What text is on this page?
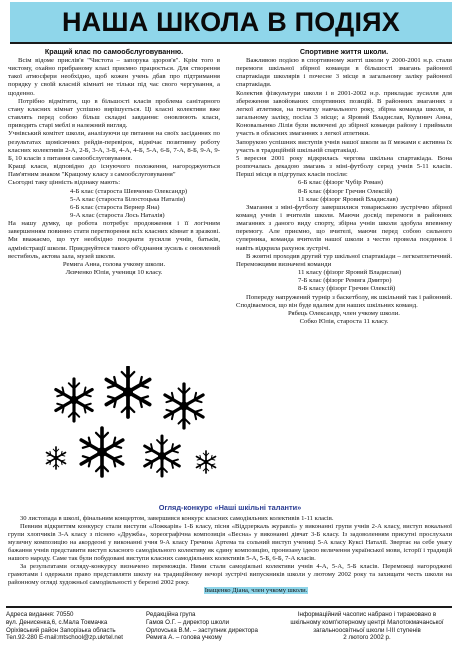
НАША ШКОЛА В ПОДІЯХ

Кращий клас по самообслуговуванню.

Всім відоме прислів'я "Чистота – запорука здоров'я". Крім того в чистому, охайно прибраному класі приємно працюється. Для створення такої атмосфери необхідно, щоб кожен учень дбав про підтримання порядку у своїй класній кімнаті не тільки під час свого чергування, а щоденно.

Потрібно відмітити, що в більшості класів проблема санітарного стану класних кімнат успішно вирішується. Ці класні колективи вже ставлять перед собою більш складні завдання: оновлюють класи, приводять старі меблі в належний вигляд.

Учнівський комітет школи, аналізуючи це питання на своїх засіданнях по результатах щомісячних рейдів-перевірок, відмічає позитивну роботу класних колективів 2-А, 2-Б, 3-А, 3-Б, 4-А, 4-Б, 5-А, 6-Б, 7-А, 8-Б, 9-А, 9-Б, 10 класів з питання самообслуговування.

Кращі класи, відповідно до існуючого положення, нагороджуються Пам'ятним знаком "Кращому класу з самообслуговування"

Сьогодні таку цінність відзнаку мають:

4-Б клас (староста Шевченко Олександр)

5-А клас (староста Білостоцька Наталія)

6-Б клас (староста Вернер Яна)

9-А клас (староста Лось Наталія)

На нашу думку, це робота потребує продовження і її логічним завершенням повинно стати перетворення всіх класних кімнат в зразкові. Ми вважаємо, що тут необхідно поєднати зусилля учнів, батьків, адміністрації школи. Приєднуйтеся такого об'єднання зусиль є оновлений вестибюль, актова зала, музей школи.

Ремига Анна, голова учкому школи.

Лєвченко Юлія, учениця 10 класу.

Спортивне життя школи.

Важливою подією в спортивному житті школи у 2000-2001 н.р. стали перемоги шкільної збірної команди в більшості змагань районної спартакіади школярів і почесне 3 місце в загальному заліку районної спартакіади.

Колектив фізкультури школи і в 2001-2002 н.р. прикладає зусилля для збереження завойованих спортивних позицій. В районних змаганнях з легкої атлетики, на початку навчального року, збірна команда школи, в загальному заліку, посіла 3 місце; а Яровий Владислав, Кулинич Анна, Коновальенко Лілія були включені до збірної команди району і приймали участь в обласних змаганнях з легкої атлетики.

Запорукою успішних виступів учнів нашої школи за її межами є активна їх участь в традиційній шкільній спартакіаді.

5 вересня 2001 року відкрилась чергова шкільна спартакіада. Вона розпочалась декадою змагань з міні-футболу серед учнів 5-11 класів. Першi місця в підгрупах класів посіли:

6-Б клас (фізорг Чубір Роман)

8-Б клас (фізорг Гречин Олексій)

11 клас (фізорг Яровий Владислав)

Змагання з міні-футболу завершилися товариською зустріччю збірної команд учнів і вчителів школи. Маючи досвід перемоги в районних змаганнях з даного виду спорту, збірна учнів школи здобула впевнену перемогу. Але приємно, що вчителі, маючи перед собою сильного суперника, команда вчителів нашої школи з честю провела поєдинок і навіть відкрила рахунок зустрічі.

В жовтні проходив другий тур шкільної спартакіади – легкоатлетичний. Переможцями визначені команди

11 класу (фізорг Яровий Владислав)

7-Б клас (фізорг Ремига Дмитро)

8-Б класу (фізорг Гречин Олексій)

Попереду напружений турнір з баскетболу, як шкільний так і районний. Сподіваємося, що він буде вдалим для наших шкільних команд.

Рябець Олександр, член учкому школи.

Собко Юлія, староста 11 класу.

Огляд-конкурс «Наші шкільні таланти»

30 листопада в школі, фінальним концертом, завершився конкурс класних самодіяльних колективів 1-11 класів.

Певним відкриттям конкурсу стали виступи «Ложкарів» 1-Б класу, пісня «Віддзеркаль журавлі» у виконанні групи учнів 2-А класу, виступ вокальної групи хлопчиків 3-А класу з піснею «Дружба», хореографічна композиція «Весна» у виконанні дівчат 3-Б класу. Із задоволенням присутні прослухали музичну композицію на акордеоні у виконанні учня 9-А класу Гречина Артема та сольний виступ учениці 5-А класу Куксі Наталії. Звертає на себе увагу бажання учнів представити виступ класного самодіяльного колективу як єдину композицію, пронизану ідеєю величення української мови, історії і традицій нашого народу. Саме так були побудовані виступи класних самодіяльних колективів 5-А, 5-Б, 6-Б, 7-А класів.

За результатами огляду-конкурсу визначено переможців. Ними стали самодіяльні колективи учнів 4-А, 5-А, 5-Б класів. Переможці нагороджені грамотами і одержали право представляти школу на традиційному вечорі зустрічі випускників школи у лютому 2002 року та захищати честь школи на районному огляді художньої самодіяльності у березні 2002 року.

Іващенко Діана, член учкому школи.

Адреса видання: 70550
вул. Денисенка,6, с.Мала Токмачка
Оріхівський район Запорізька область
Тел.92-280 E-mail:mtschool@zp.ukrtel.net
Редакційна група
Гамов О.Г. – директор школи
Орлovська В.М. – заступник директора
Ремига А. – голова учкому
Інформаційний часопис набрано і тиражовано в
шкільному комп'ютерному центрі Малотокмачанської
загальноосвітньої школи І-ІІІ ступенів
2 лютого 2002 р.
